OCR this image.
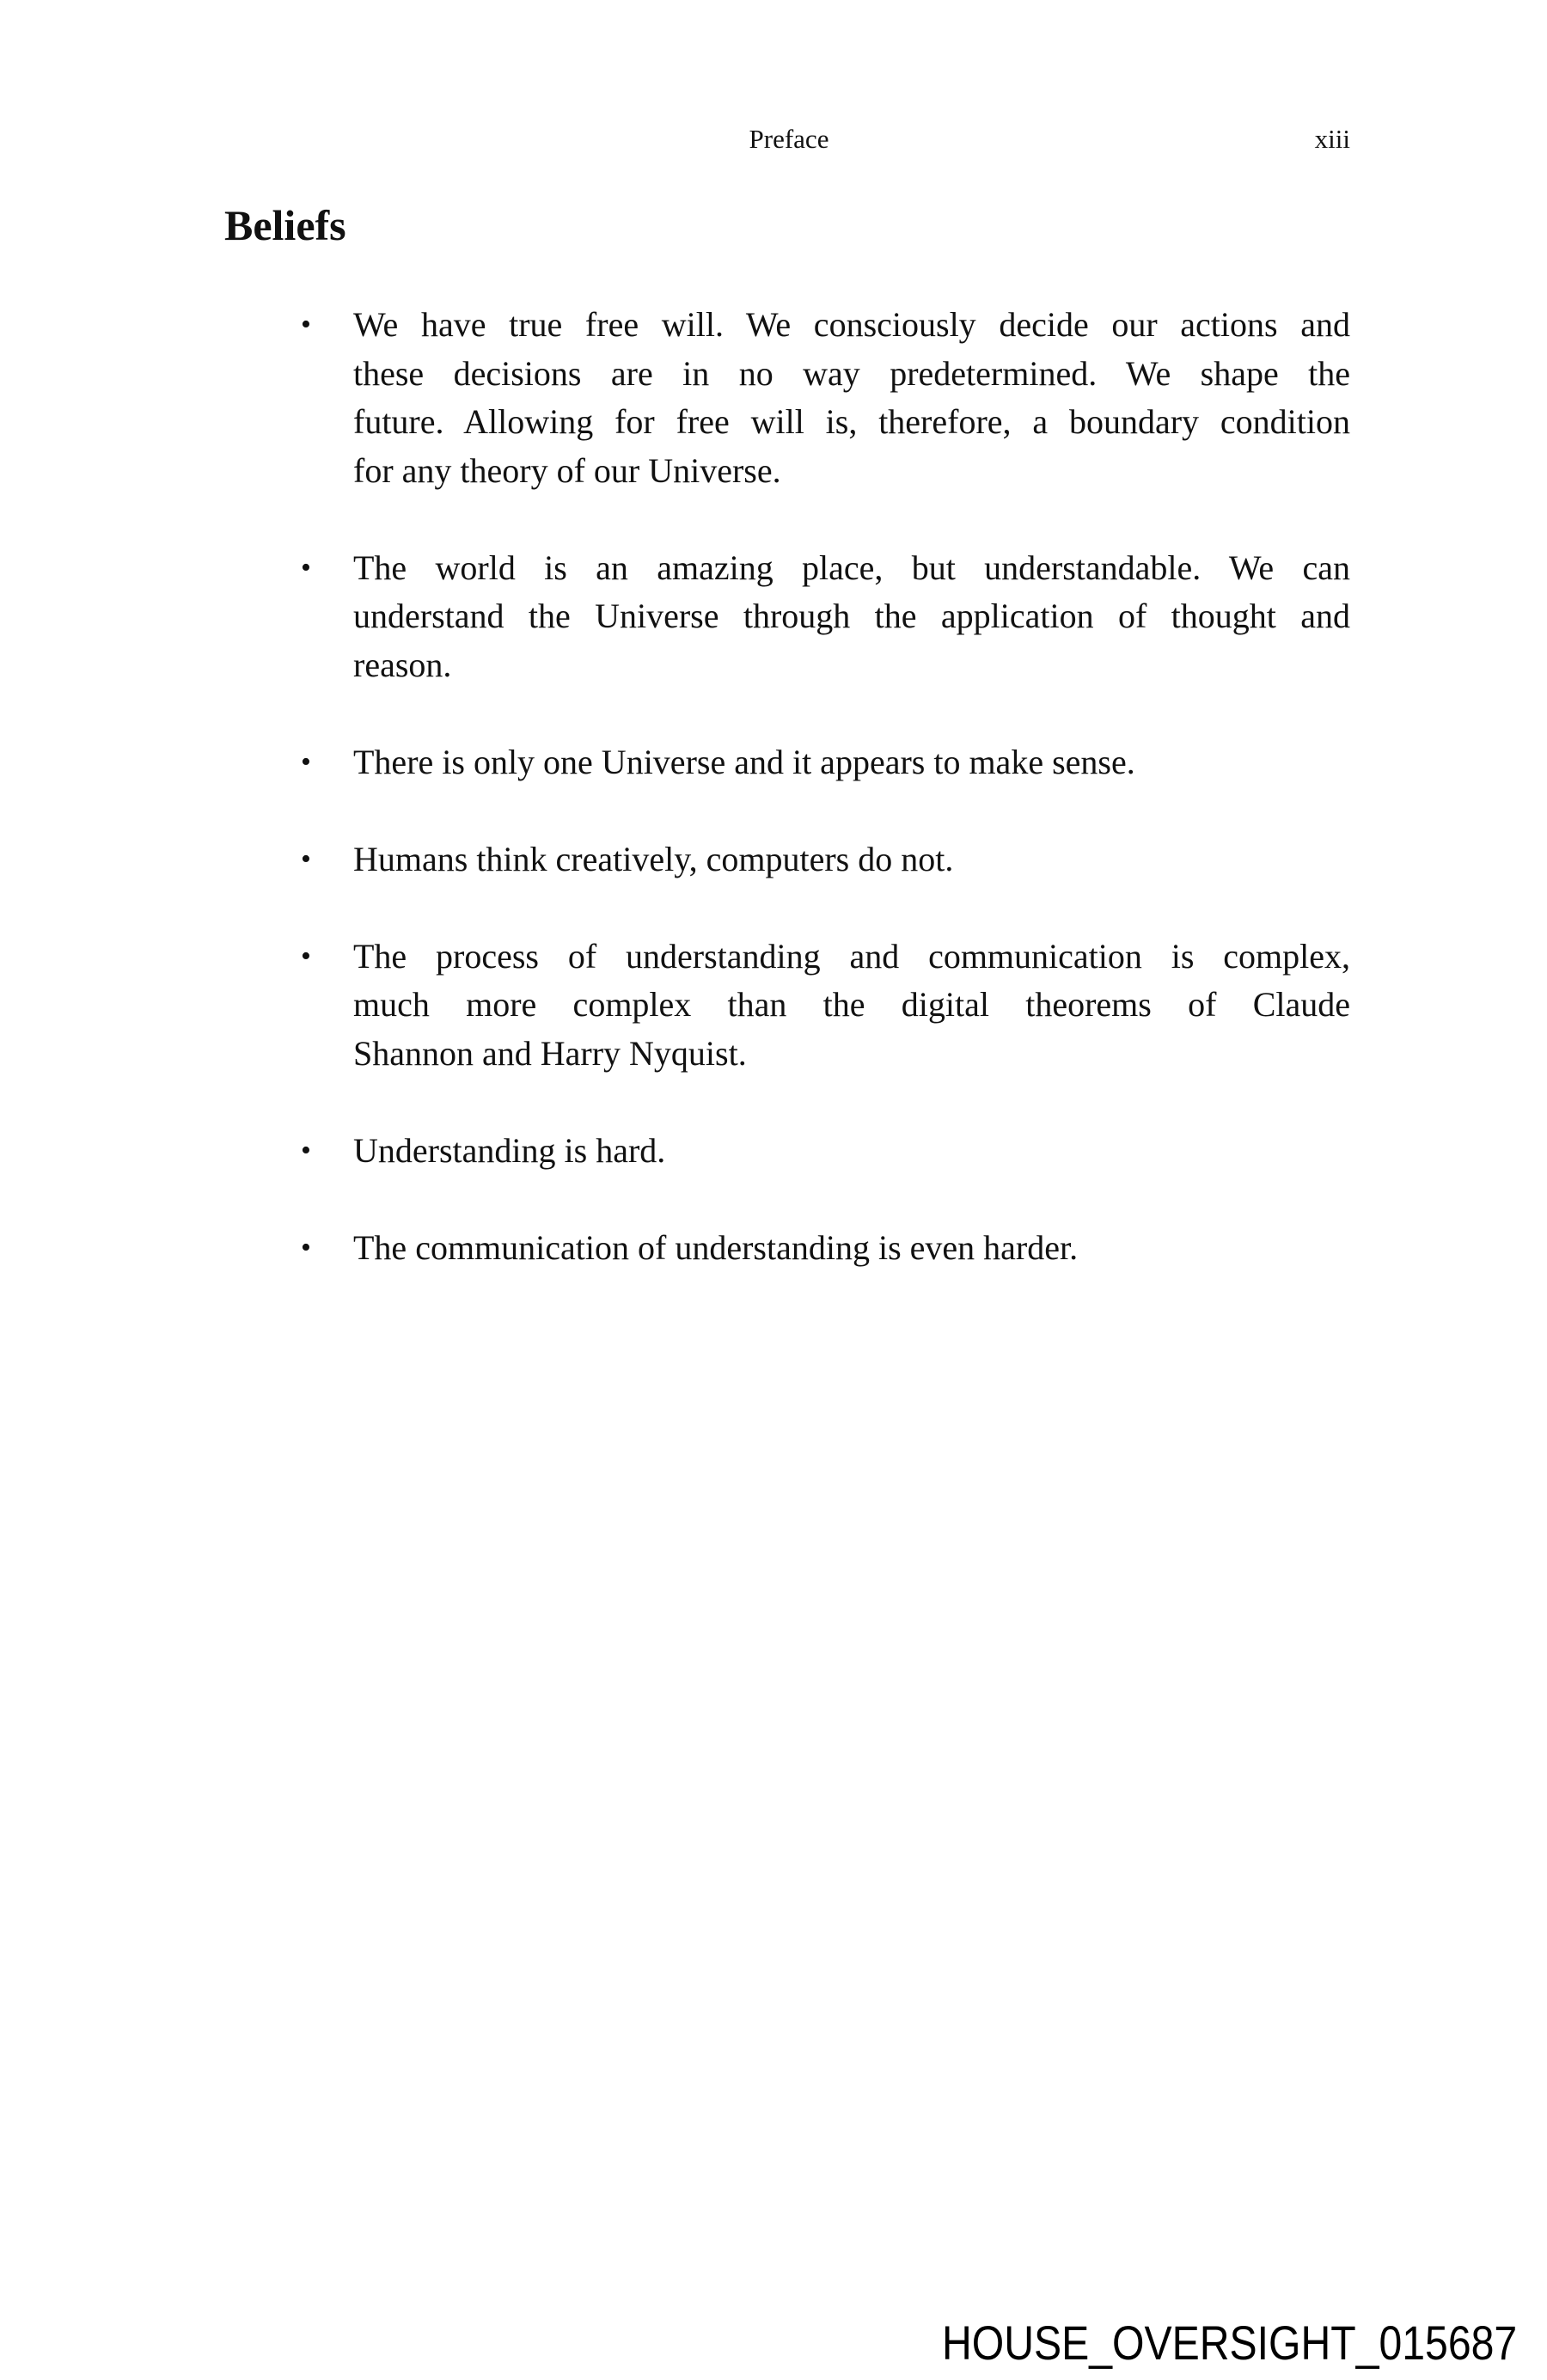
Preface	xiii
Beliefs
• We have true free will. We consciously decide our actions and
these decisions are in no way predetermined. We shape the
future. Allowing for free will is, therefore, a boundary condition
for any theory of our Universe.
• The world is an amazing place, but understandable. We can
understand the Universe through the application of thought and
reason.
• There is only one Universe and it appears to make sense.
• Humans think creatively, computers do not.
• The process of understanding and communication is complex,
much more complex than the digital theorems of Claude
Shannon and Harry Nyquist.
• Understanding is hard.
• The communication of understanding is even harder.
HOUSE_OVERSIGHT_015687
